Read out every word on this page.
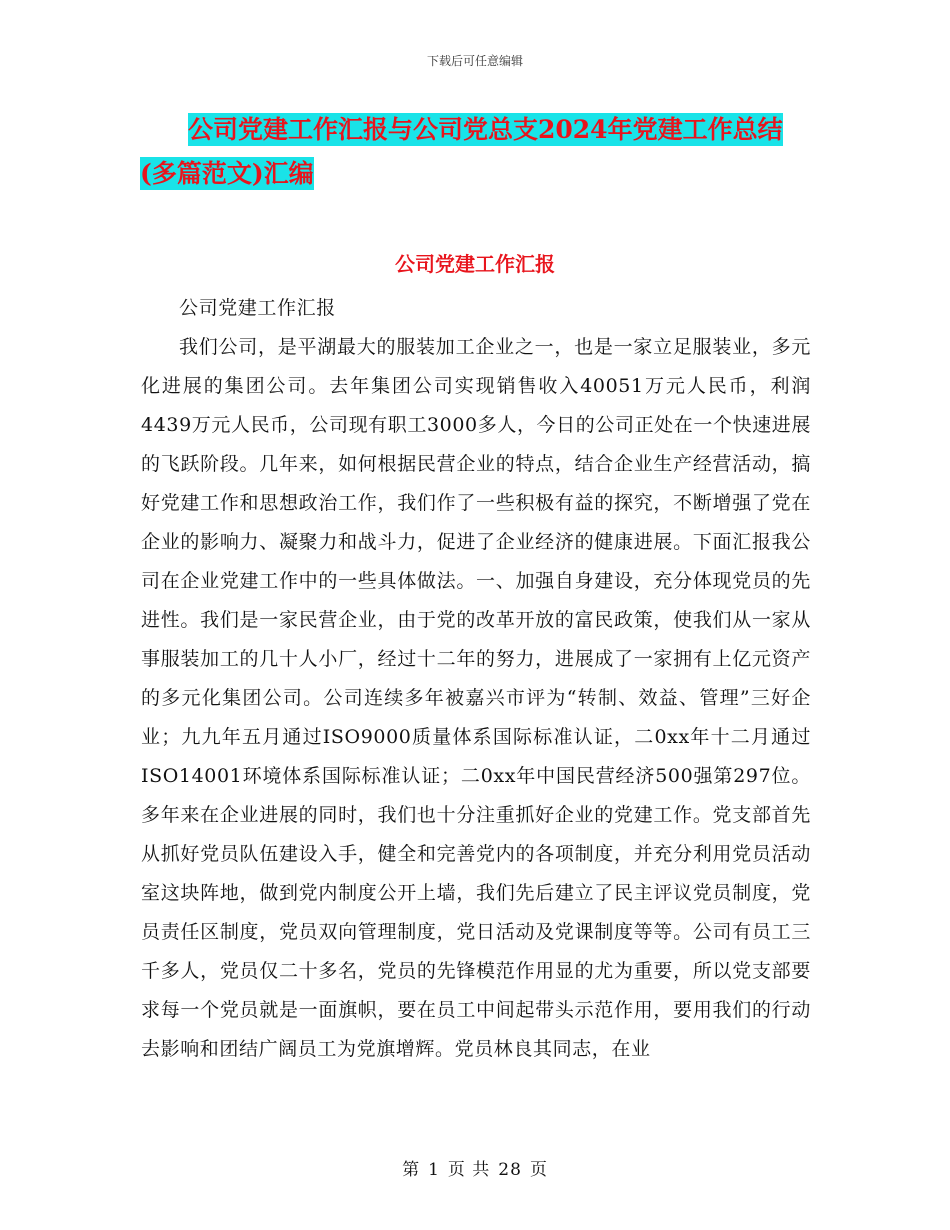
下载后可任意编辑
公司党建工作汇报与公司党总支2024年党建工作总结
(多篇范文)汇编
公司党建工作汇报

公司党建工作汇报

我们公司，是平湖最大的服装加工企业之一，也是一家立足服装业，多元化进展的集团公司。去年集团公司实现销售收入40051万元人民币，利润4439万元人民币，公司现有职工3000多人，今日的公司正处在一个快速进展的飞跃阶段。几年来，如何根据民营企业的特点，结合企业生产经营活动，搞好党建工作和思想政治工作，我们作了一些积极有益的探究，不断增强了党在企业的影响力、凝聚力和战斗力，促进了企业经济的健康进展。下面汇报我公司在企业党建工作中的一些具体做法。一、加强自身建设，充分体现党员的先进性。我们是一家民营企业，由于党的改革开放的富民政策，使我们从一家从事服装加工的几十人小厂，经过十二年的努力，进展成了一家拥有上亿元资产的多元化集团公司。公司连续多年被嘉兴市评为“转制、效益、管理”三好企业；九九年五月通过ISO9000质量体系国际标准认证，二0xx年十二月通过ISO14001环境体系国际标准认证；二0xx年中国民营经济500强第297位。多年来在企业进展的同时，我们也十分注重抓好企业的党建工作。党支部首先从抓好党员队伍建设入手，健全和完善党内的各项制度，并充分利用党员活动室这块阵地，做到党内制度公开上墙，我们先后建立了民主评议党员制度，党员责任区制度，党员双向管理制度，党日活动及党课制度等等。公司有员工三千多人，党员仅二十多名，党员的先锋模范作用显的尤为重要，所以党支部要求每一个党员就是一面旗帜，要在员工中间起带头示范作用，要用我们的行动去影响和团结广阔员工为党旗增辉。党员林良其同志，在业

第 1 页 共 28 页
